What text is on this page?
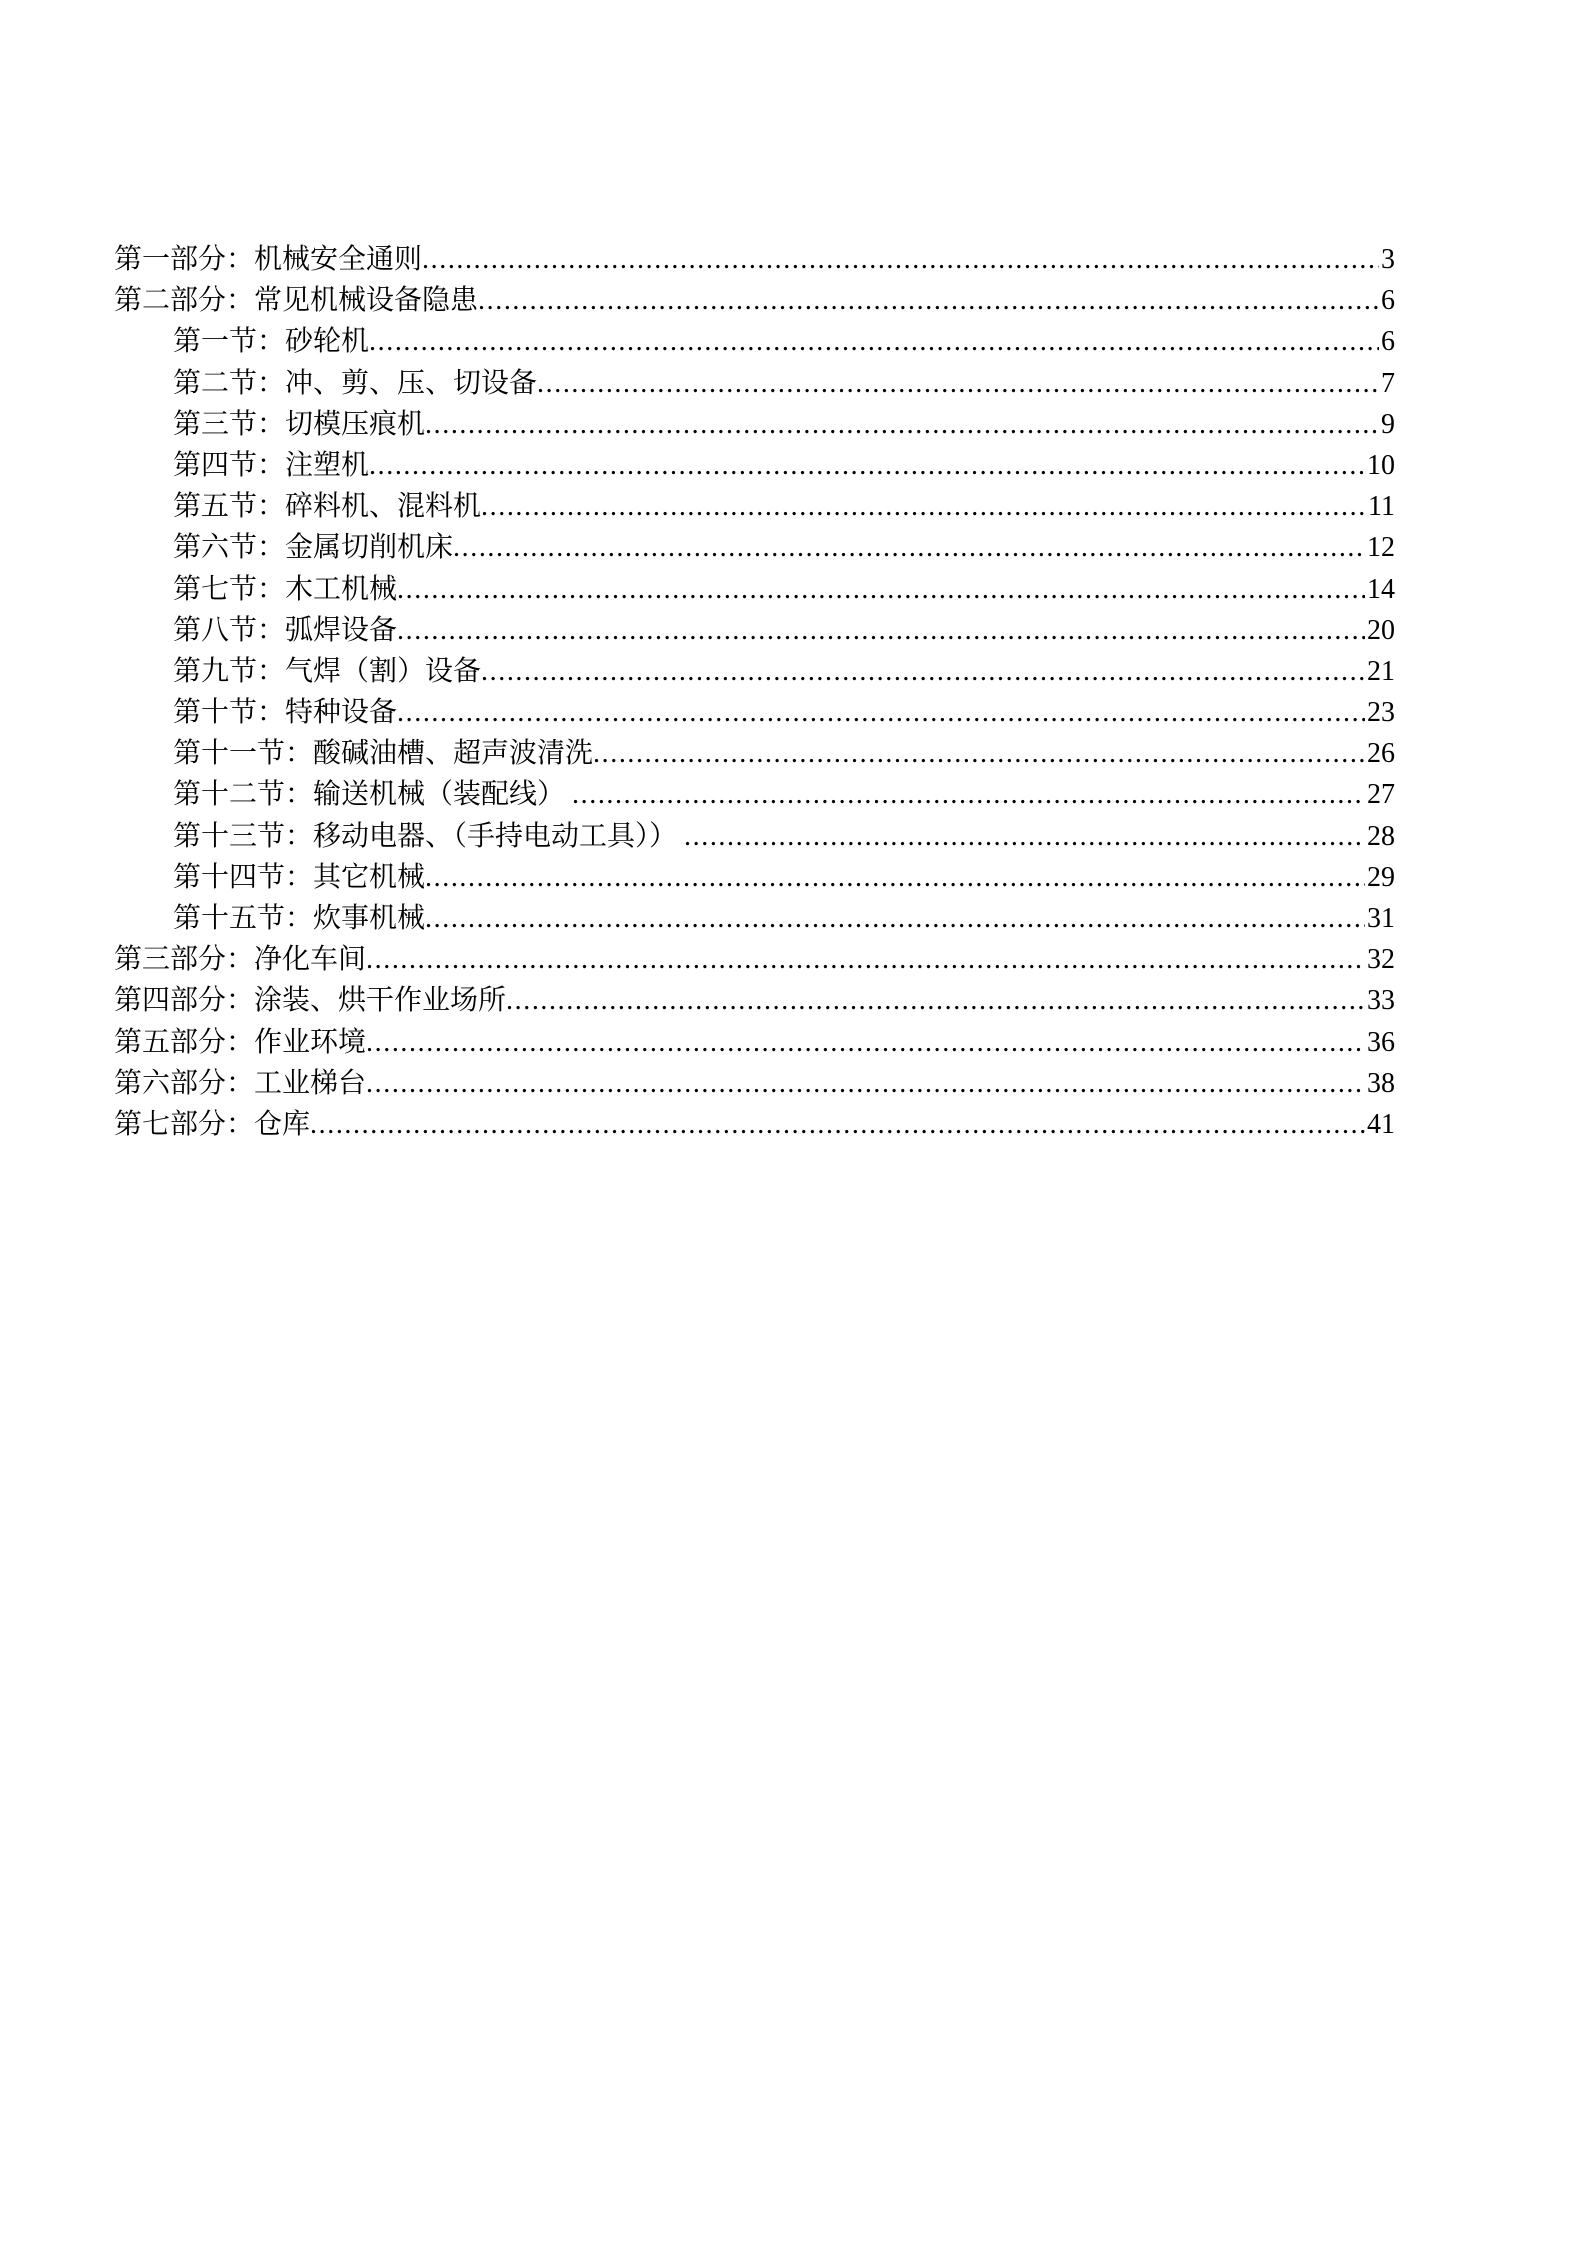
第一部分：机械安全通则 .....	3
第二部分：常见机械设备隐患 .....	6
第一节：砂轮机 .....	6
第二节：冲、剪、压、切设备 .....	7
第三节：切模压痕机 .....	9
第四节：注塑机 .....	10
第五节：碎料机、混料机 .....	11
第六节：金属切削机床 .....	12
第七节：木工机械 .....	14
第八节：弧焊设备 .....	20
第九节：气焊（割）设备 .....	21
第十节：特种设备 .....	23
第十一节：酸碱油槽、超声波清洗 .....	26
第十二节：输送机械（装配线） .....	27
第十三节：移动电器、（手持电动工具）） .....	28
第十四节：其它机械 .....	29
第十五节：炊事机械 .....	31
第三部分：净化车间 .....	32
第四部分：涂装、烘干作业场所 .....	33
第五部分：作业环境 .....	36
第六部分：工业梯台 .....	38
第七部分：仓库 .....	41
